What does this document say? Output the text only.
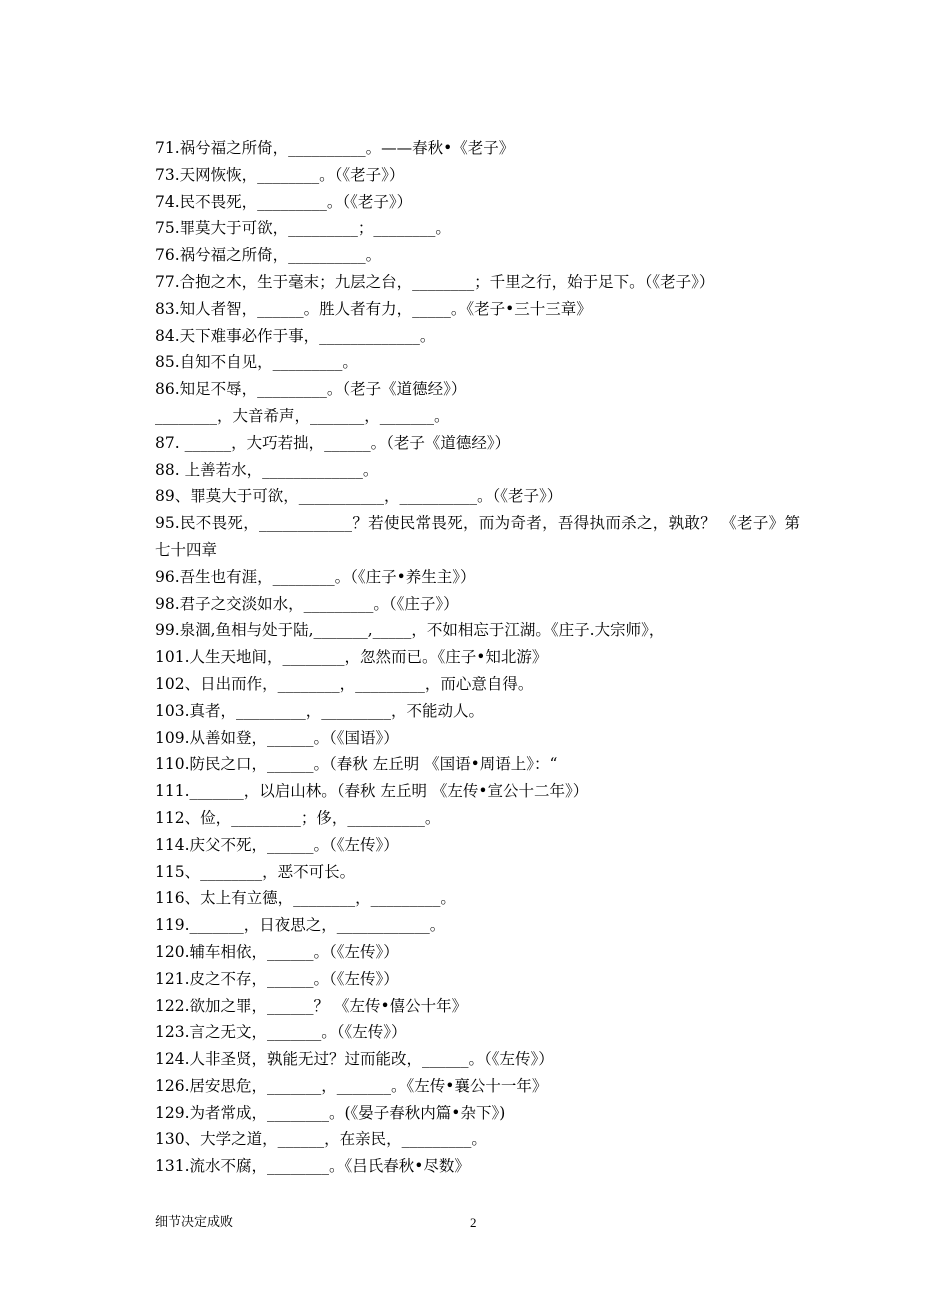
71.祸兮福之所倚，__________。——春秋•《老子》
73.天网恢恢，________。（《老子》）
74.民不畏死，_________。（《老子》）
75.罪莫大于可欲，_________；________。
76.祸兮福之所倚，__________。
77.合抱之木，生于毫末；九层之台，________；千里之行，始于足下。（《老子》）
83.知人者智，______。胜人者有力，_____。《老子•三十三章》
84.天下难事必作于事，_____________。
85.自知不自见，_________。
86.知足不辱，_________。（老子《道德经》）
________，大音希声，_______，_______。
87. ______，大巧若拙，______。（老子《道德经》）
88. 上善若水，_____________。
89、罪莫大于可欲，___________，__________。（《老子》）
95.民不畏死，____________？若使民常畏死，而为奇者，吾得执而杀之，孰敢？ 《老子》第七十四章
96.吾生也有涯，________。（《庄子•养生主》）
98.君子之交淡如水，_________。（《庄子》）
99.泉涸,鱼相与处于陆,_______,_____，不如相忘于江湖。《庄子.大宗师》，
101.人生天地间，________，忽然而已。《庄子•知北游》
102、日出而作，________，_________，而心意自得。
103.真者，_________，_________，不能动人。
109.从善如登，______。（《国语》）
110.防民之口，______。（春秋 左丘明 《国语•周语上》：“
111._______，以启山林。（春秋 左丘明 《左传•宣公十二年》）
112、俭，_________；侈，__________。
114.庆父不死，______。（《左传》）
115、________，恶不可长。
116、太上有立德，________，_________。
119._______，日夜思之，____________。
120.辅车相依，______。（《左传》）
121.皮之不存，______。（《左传》）
122.欲加之罪，______？ 《左传•僖公十年》
123.言之无文，_______。（《左传》）
124.人非圣贤，孰能无过？过而能改，______。（《左传》）
126.居安思危，_______，_______。《左传•襄公十一年》
129.为者常成，________。(《晏子春秋内篇•杂下》)
130、大学之道，______，在亲民，_________。
131.流水不腐，________。《吕氏春秋•尽数》
细节决定成败	2
